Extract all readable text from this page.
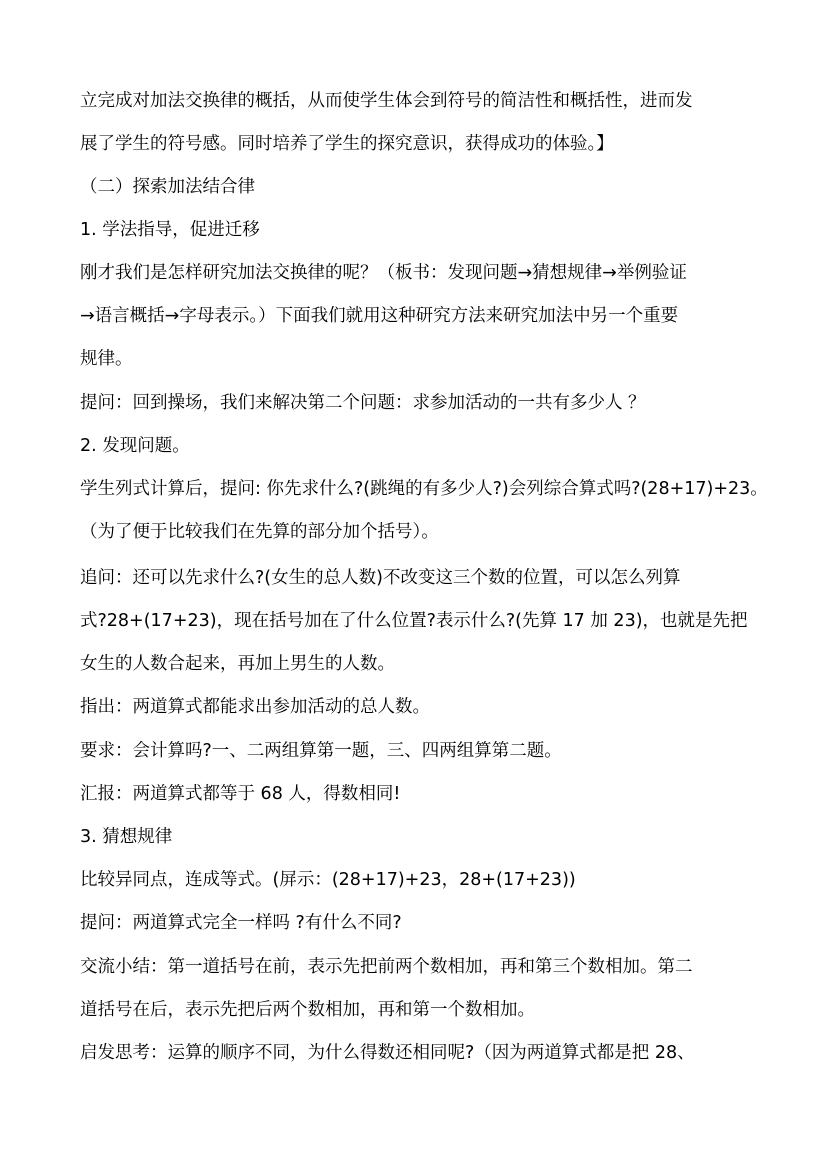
立完成对加法交换律的概括，从而使学生体会到符号的简洁性和概括性，进而发
展了学生的符号感。同时培养了学生的探究意识，获得成功的体验。】
（二）探索加法结合律
1. 学法指导，促进迁移
刚才我们是怎样研究加法交换律的呢？（板书：发现问题→猜想规律→举例验证
→语言概括→字母表示。）下面我们就用这种研究方法来研究加法中另一个重要
规律。
提问：回到操场，我们来解决第二个问题：求参加活动的一共有多少人 ？
2. 发现问题。
学生列式计算后，提问: 你先求什么?(跳绳的有多少人?)会列综合算式吗?(28+17)+23。
（为了便于比较我们在先算的部分加个括号）。
追问：还可以先求什么?(女生的总人数)不改变这三个数的位置，可以怎么列算
式?28+(17+23)，现在括号加在了什么位置?表示什么?(先算 17 加 23)，也就是先把
女生的人数合起来，再加上男生的人数。
指出：两道算式都能求出参加活动的总人数。
要求：会计算吗?一、二两组算第一题，三、四两组算第二题。
汇报：两道算式都等于 68 人，得数相同!
3. 猜想规律
比较异同点，连成等式。(屏示：(28+17)+23，28+(17+23))
提问：两道算式完全一样吗 ?有什么不同?
交流小结：第一道括号在前，表示先把前两个数相加，再和第三个数相加。第二
道括号在后，表示先把后两个数相加，再和第一个数相加。
启发思考：运算的顺序不同，为什么得数还相同呢?（因为两道算式都是把 28、
